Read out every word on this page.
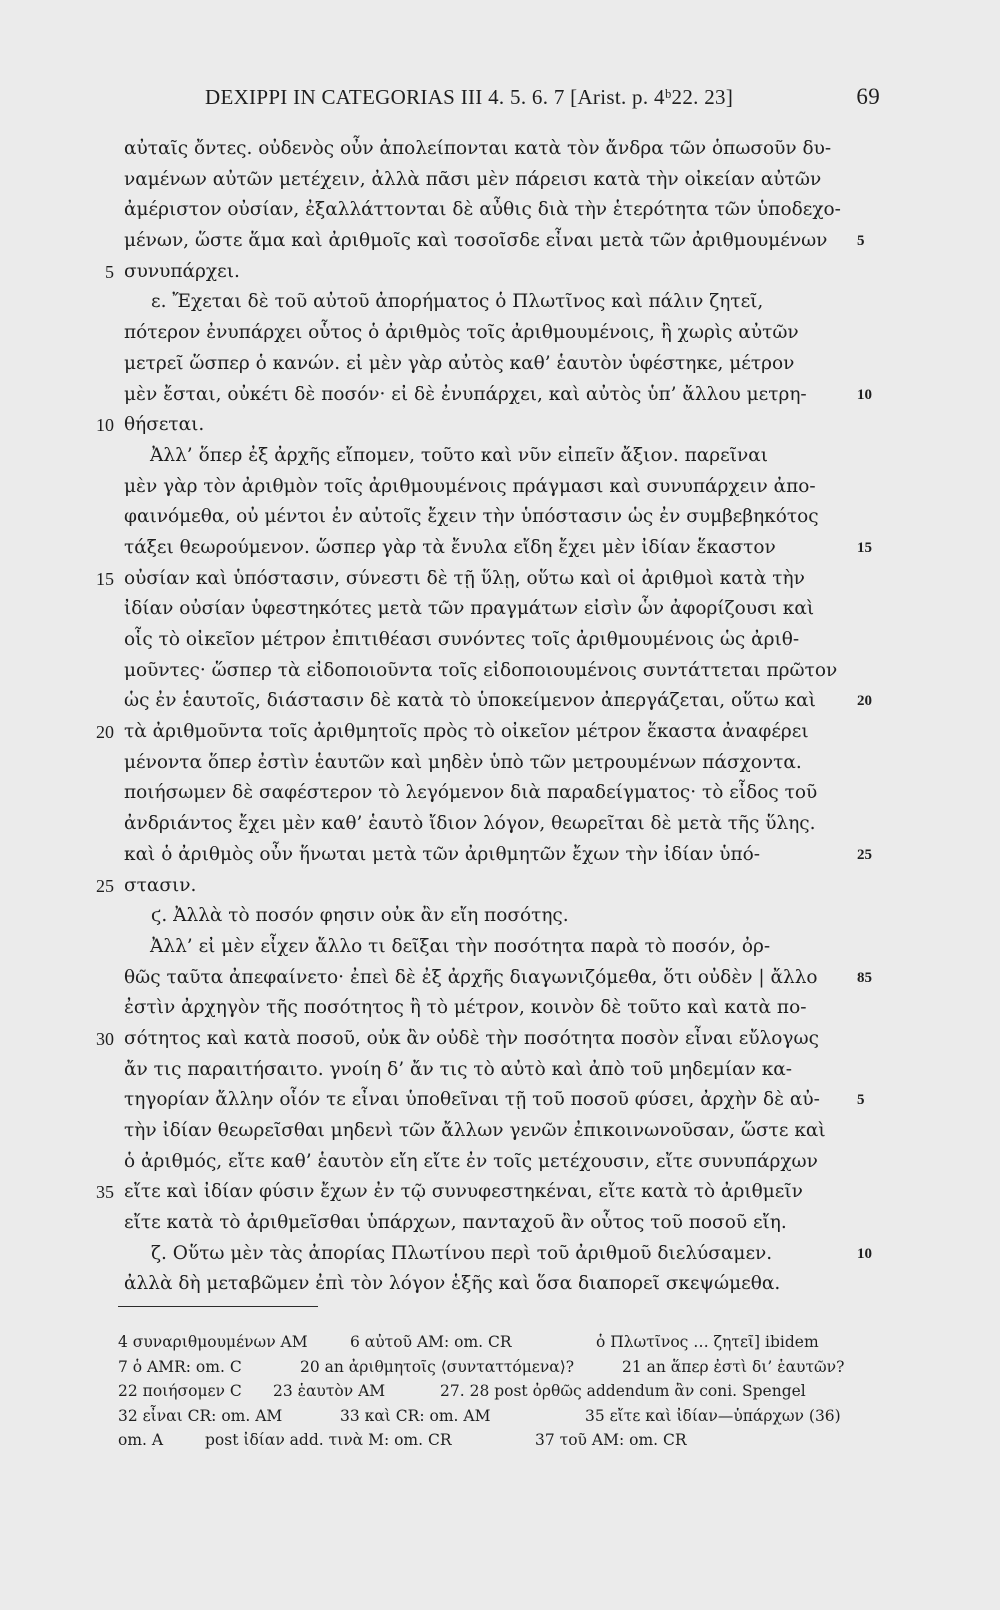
DEXIPPI IN CATEGORIAS III 4. 5. 6. 7 [Arist. p. 4ᵇ22. 23]	69
αὐταῖς ὄντες. οὐδενὸς οὖν ἀπολείπονται κατὰ τὸν ἄνδρα τῶν ὁπωσοῦν δυ-
ναμένων αὐτῶν μετέχειν, ἀλλὰ πᾶσι μὲν πάρεισι κατὰ τὴν οἰκείαν αὐτῶν
ἀμέριστον οὐσίαν, ἐξαλλάττονται δὲ αὖθις διὰ τὴν ἑτερότητα τῶν ὑποδεχο-
μένων, ὥστε ἅμα καὶ ἀριθμοῖς καὶ τοσοῖσδε εἶναι μετὰ τῶν ἀριθμουμένων 5
5 συνυπάρχει.
ε. Ἔχεται δὲ τοῦ αὐτοῦ ἀπορήματος ὁ Πλωτῖνος καὶ πάλιν ζητεῖ,
πότερον ἐνυπάρχει οὗτος ὁ ἀριθμὸς τοῖς ἀριθμουμένοις, ἢ χωρὶς αὐτῶν
μετρεῖ ὥσπερ ὁ κανών. εἰ μὲν γὰρ αὐτὸς καθ’ ἑαυτὸν ὑφέστηκε, μέτρον
μὲν ἔσται, οὐκέτι δὲ ποσόν· εἰ δὲ ἐνυπάρχει, καὶ αὐτὸς ὑπ’ ἄλλου μετρη-	10
10 θήσεται.
Ἀλλ’ ὅπερ ἐξ ἀρχῆς εἴπομεν, τοῦτο καὶ νῦν εἰπεῖν ἄξιον. παρεῖναι
μὲν γὰρ τὸν ἀριθμὸν τοῖς ἀριθμουμένοις πράγμασι καὶ συνυπάρχειν ἀπο-
φαινόμεθα, οὐ μέντοι ἐν αὐτοῖς ἔχειν τὴν ὑπόστασιν ὡς ἐν συμβεβηκότος
τάξει θεωρούμενον. ὥσπερ γὰρ τὰ ἔνυλα εἴδη ἔχει μὲν ἰδίαν ἕκαστον	15
15 οὐσίαν καὶ ὑπόστασιν, σύνεστι δὲ τῇ ὕλῃ, οὕτω καὶ οἱ ἀριθμοὶ κατὰ τὴν
ἰδίαν οὐσίαν ὑφεστηκότες μετὰ τῶν πραγμάτων εἰσὶν ὧν ἀφορίζουσι καὶ
οἷς τὸ οἰκεῖον μέτρον ἐπιτιθέασι συνόντες τοῖς ἀριθμουμένοις ὡς ἀριθ-
μοῦντες· ὥσπερ τὰ εἰδοποιοῦντα τοῖς εἰδοποιουμένοις συντάττεται πρῶτον
ὡς ἐν ἑαυτοῖς, διάστασιν δὲ κατὰ τὸ ὑποκείμενον ἀπεργάζεται, οὕτω καὶ	20
20 τὰ ἀριθμοῦντα τοῖς ἀριθμητοῖς πρὸς τὸ οἰκεῖον μέτρον ἕκαστα ἀναφέρει
μένοντα ὅπερ ἐστὶν ἑαυτῶν καὶ μηδὲν ὑπὸ τῶν μετρουμένων πάσχοντα.
ποιήσωμεν δὲ σαφέστερον τὸ λεγόμενον διὰ παραδείγματος· τὸ εἶδος τοῦ
ἀνδριάντος ἔχει μὲν καθ’ ἑαυτὸ ἴδιον λόγον, θεωρεῖται δὲ μετὰ τῆς ὕλης.
καὶ ὁ ἀριθμὸς οὖν ἥνωται μετὰ τῶν ἀριθμητῶν ἔχων τὴν ἰδίαν ὑπό-	25
25 στασιν.
ϛ. Ἀλλὰ τὸ ποσόν φησιν οὐκ ἂν εἴη ποσότης.
Ἀλλ’ εἰ μὲν εἶχεν ἄλλο τι δεῖξαι τὴν ποσότητα παρὰ τὸ ποσόν, ὀρ-
θῶς ταῦτα ἀπεφαίνετο· ἐπεὶ δὲ ἐξ ἀρχῆς διαγωνιζόμεθα, ὅτι οὐδὲν | ἄλλο	85
ἐστὶν ἀρχηγὸν τῆς ποσότητος ἢ τὸ μέτρον, κοινὸν δὲ τοῦτο καὶ κατὰ πο-
30 σότητος καὶ κατὰ ποσοῦ, οὐκ ἂν οὐδὲ τὴν ποσότητα ποσὸν εἶναι εὔλογως
ἄν τις παραιτήσαιτο. γνοίη δ’ ἄν τις τὸ αὐτὸ καὶ ἀπὸ τοῦ μηδεμίαν κα-
τηγορίαν ἄλλην οἷόν τε εἶναι ὑποθεῖναι τῇ τοῦ ποσοῦ φύσει, ἀρχὴν δὲ αὐ- 5
τὴν ἰδίαν θεωρεῖσθαι μηδενὶ τῶν ἄλλων γενῶν ἐπικοινωνοῦσαν, ὥστε καὶ
ὁ ἀριθμός, εἴτε καθ’ ἑαυτὸν εἴη εἴτε ἐν τοῖς μετέχουσιν, εἴτε συνυπάρχων
35 εἴτε καὶ ἰδίαν φύσιν ἔχων ἐν τῷ συνυφεστηκέναι, εἴτε κατὰ τὸ ἀριθμεῖν
εἴτε κατὰ τὸ ἀριθμεῖσθαι ὑπάρχων, πανταχοῦ ἂν οὗτος τοῦ ποσοῦ εἴη.
ζ. Οὕτω μὲν τὰς ἀπορίας Πλωτίνου περὶ τοῦ ἀριθμοῦ διελύσαμεν.	10
ἀλλὰ δὴ μεταβῶμεν ἐπὶ τὸν λόγον ἑξῆς καὶ ὅσα διαπορεῖ σκεψώμεθα.
4 συναριθμουμένων AM	6 αὐτοῦ AM: om. CR	ὁ Πλωτῖνος … ζητεῖ] ibidem
7 ὁ AMR: om. C	20 an ἀριθμητοῖς ⟨συνταττόμενα⟩?	21 an ἅπερ ἐστὶ δι’ ἑαυτῶν?
22 ποιήσομεν C 23 ἑαυτὸν AM	27. 28 post ὀρθῶς addendum ἂν coni. Spengel
32 εἶναι CR: om. AM	33 καὶ CR: om. AM	35 εἴτε καὶ ἰδίαν—ὑπάρχων (36)
om. A	post ἰδίαν add. τινὰ M: om. CR	37 τοῦ AM: om. CR
